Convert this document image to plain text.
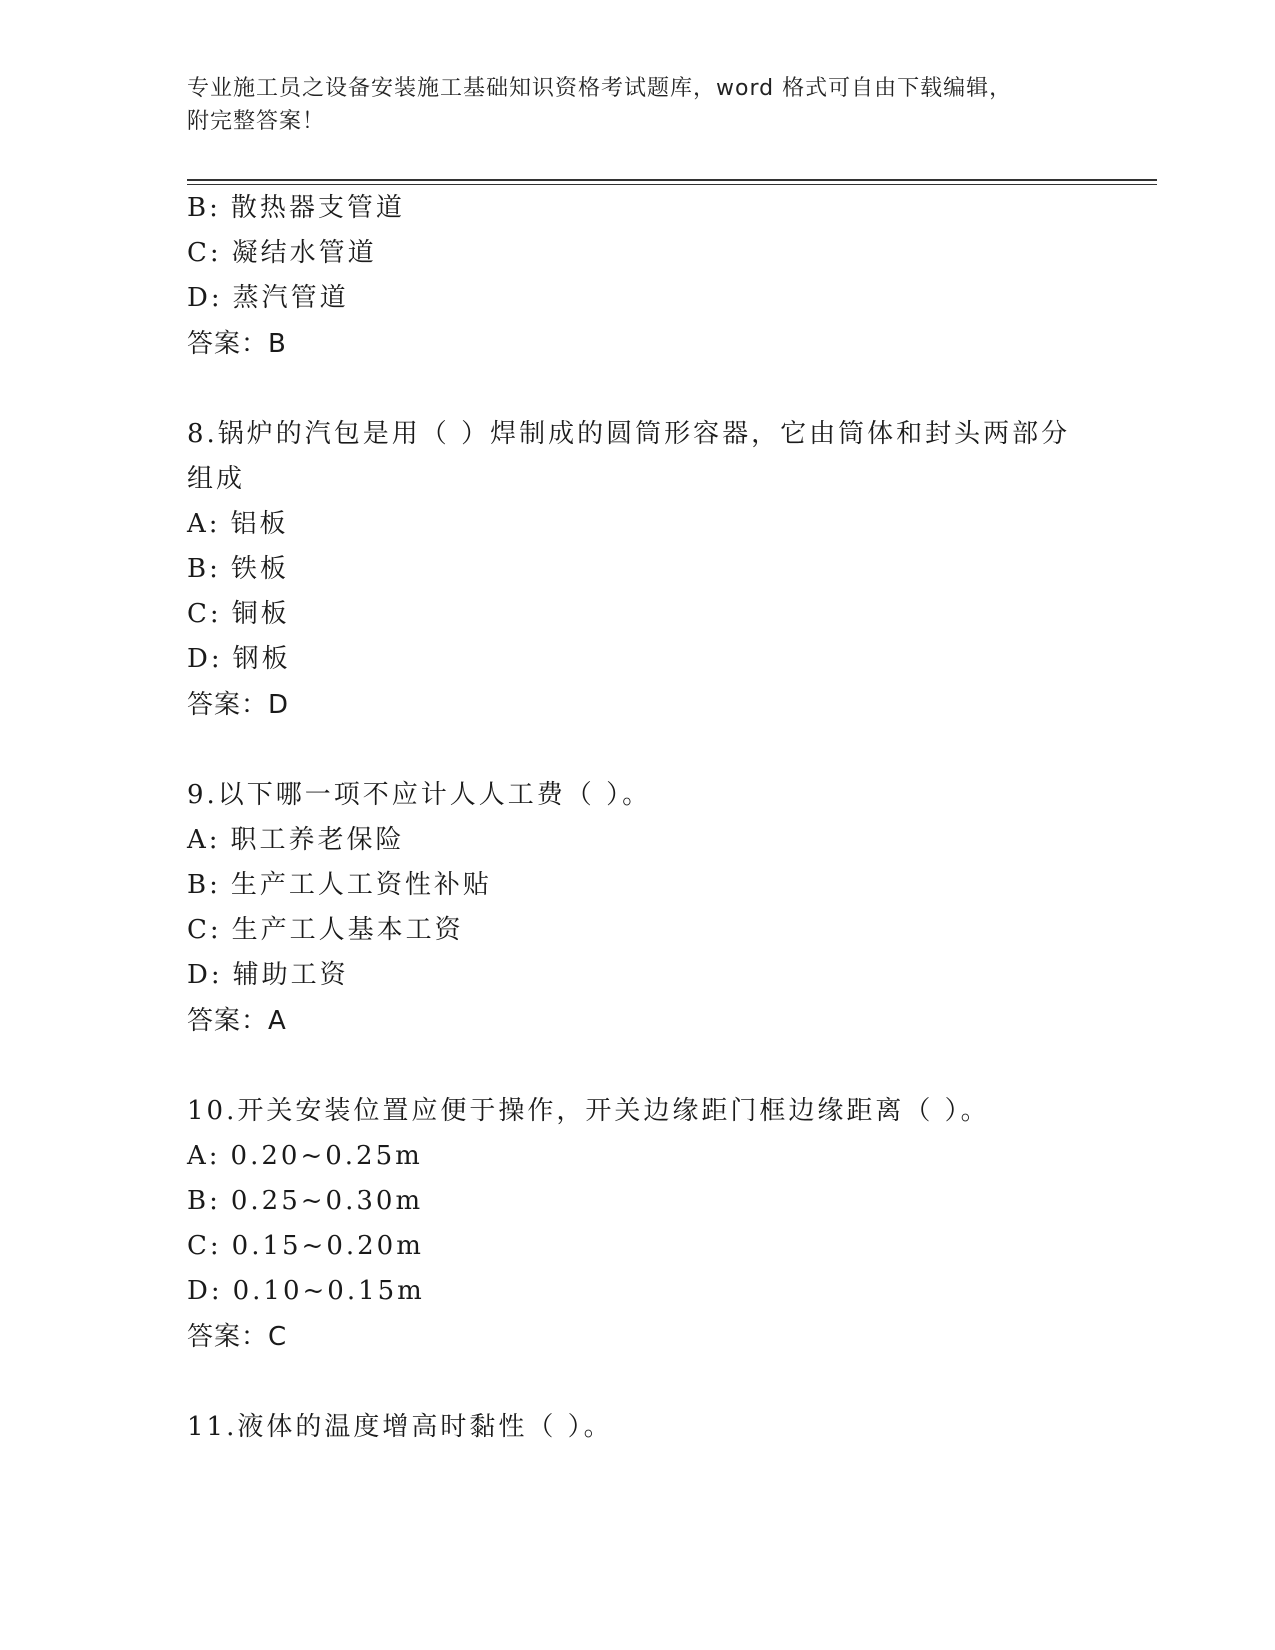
专业施工员之设备安装施工基础知识资格考试题库，word 格式可自由下载编辑，
附完整答案！
B: 散热器支管道
C: 凝结水管道
D: 蒸汽管道
答案：B
8.锅炉的汽包是用（ ）焊制成的圆筒形容器，它由筒体和封头两部分
组成
A: 铝板
B: 铁板
C: 铜板
D: 钢板
答案：D
9.以下哪一项不应计人人工费（ ）。
A: 职工养老保险
B: 生产工人工资性补贴
C: 生产工人基本工资
D: 辅助工资
答案：A
10.开关安装位置应便于操作，开关边缘距门框边缘距离（ ）。
A: 0.20~0.25m
B: 0.25~0.30m
C: 0.15~0.20m
D: 0.10~0.15m
答案：C
11.液体的温度增高时黏性（ ）。
